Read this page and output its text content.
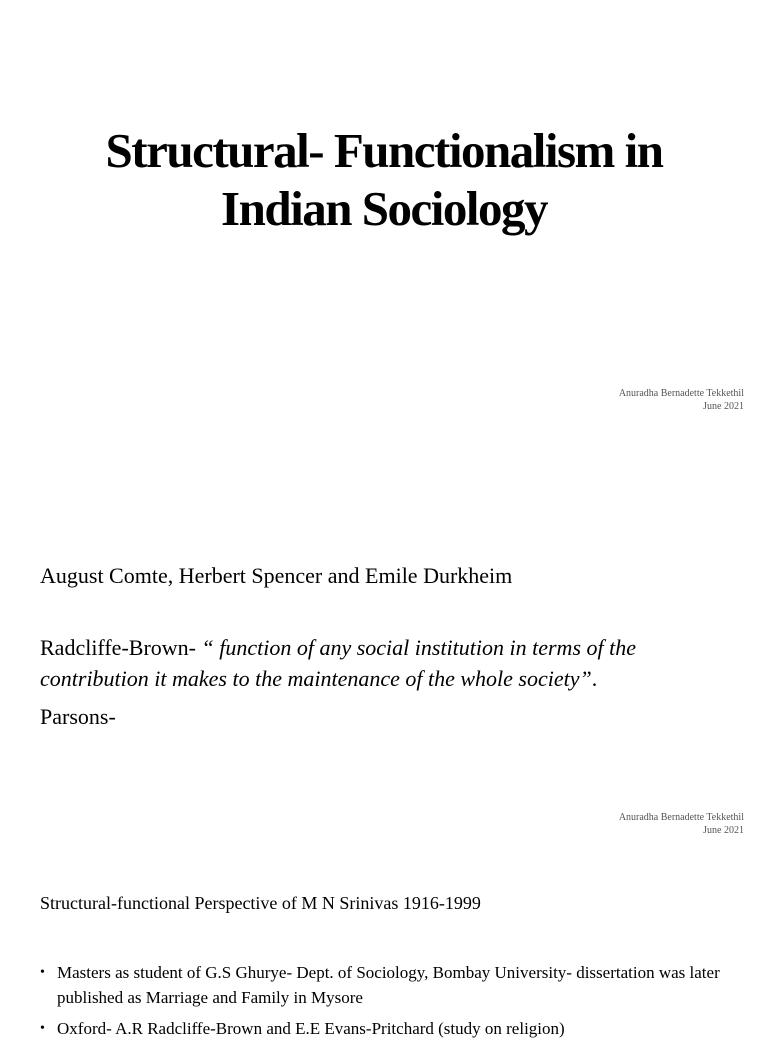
Structural- Functionalism in
Indian Sociology
Anuradha Bernadette Tekkethil
June 2021
August Comte, Herbert Spencer and Emile Durkheim
Radcliffe-Brown- “ function of any social institution in terms of the contribution it makes to the maintenance of the whole society”.
Parsons-
Anuradha Bernadette Tekkethil
June 2021
Structural-functional Perspective of M N Srinivas 1916-1999
• Masters as student of G.S Ghurye- Dept. of Sociology, Bombay University- dissertation was later published as Marriage and Family in Mysore
• Oxford- A.R Radcliffe-Brown and E.E Evans-Pritchard (study on religion)
